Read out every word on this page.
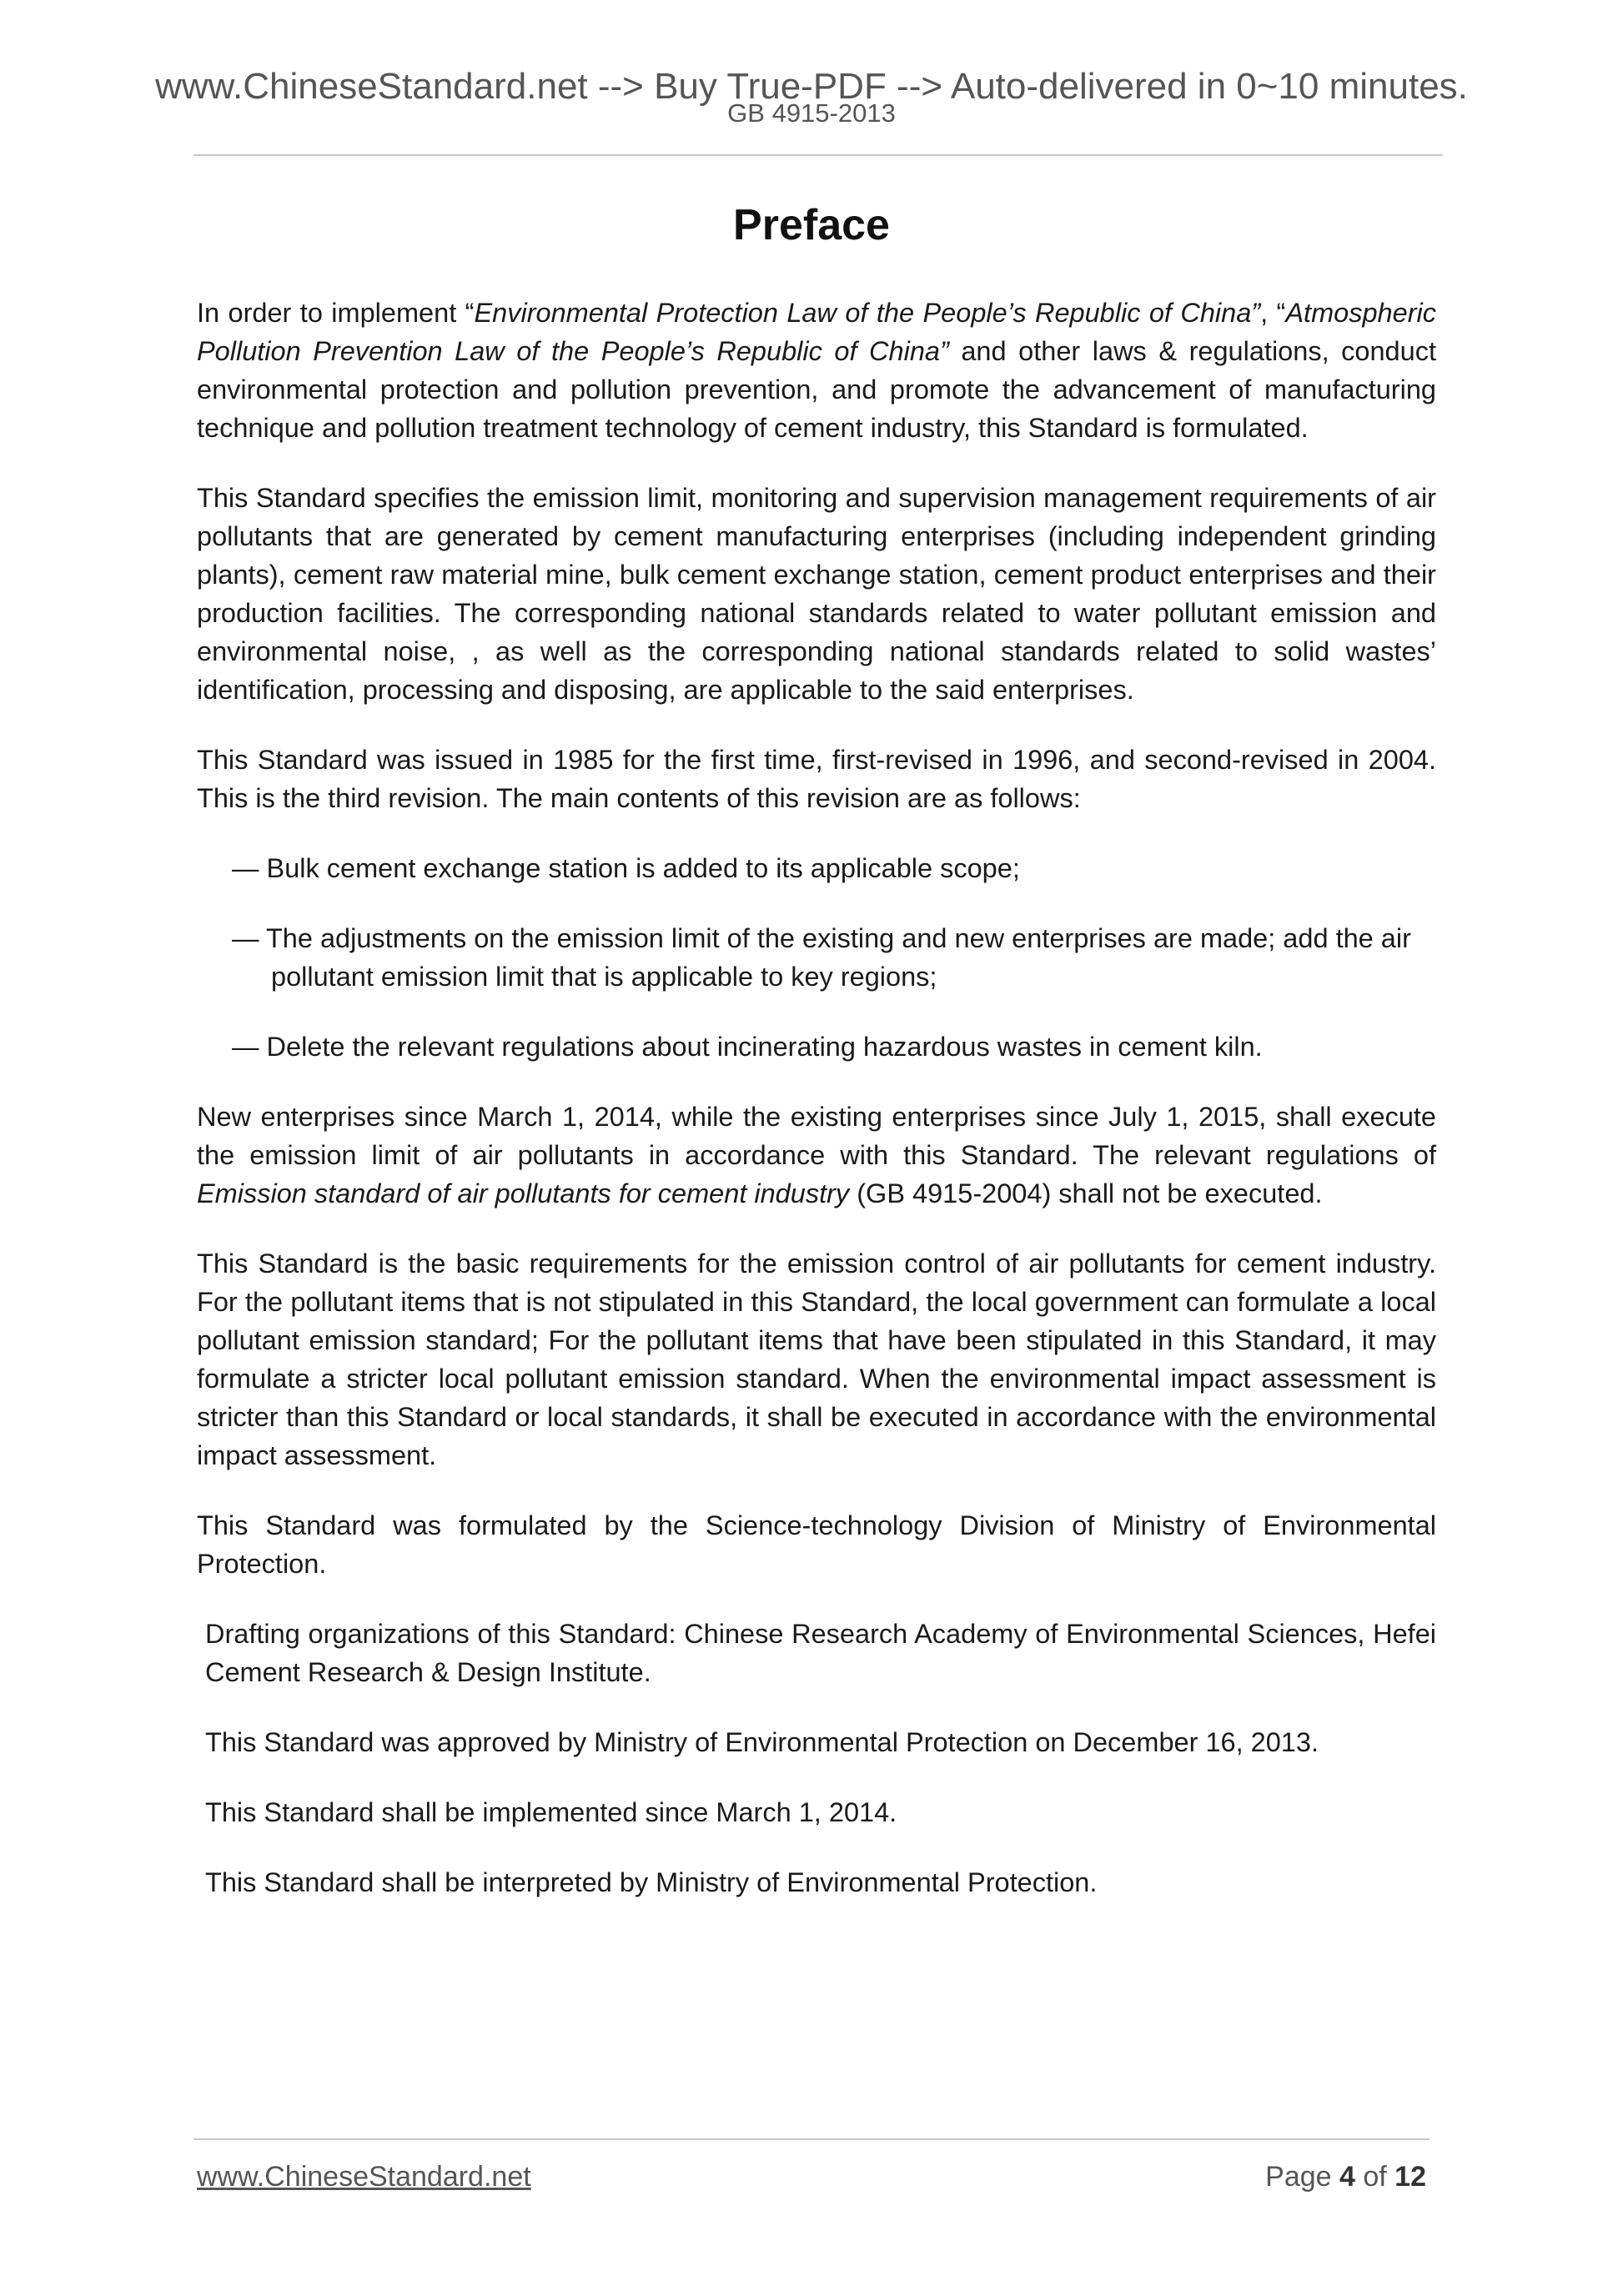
www.ChineseStandard.net --> Buy True-PDF --> Auto-delivered in 0~10 minutes.
GB 4915-2013
Preface

In order to implement “Environmental Protection Law of the People’s Republic of China”, “Atmospheric Pollution Prevention Law of the People’s Republic of China” and other laws & regulations, conduct environmental protection and pollution prevention, and promote the advancement of manufacturing technique and pollution treatment technology of cement industry, this Standard is formulated.

This Standard specifies the emission limit, monitoring and supervision management requirements of air pollutants that are generated by cement manufacturing enterprises (including independent grinding plants), cement raw material mine, bulk cement exchange station, cement product enterprises and their production facilities. The corresponding national standards related to water pollutant emission and environmental noise, , as well as the corresponding national standards related to solid wastes’ identification, processing and disposing, are applicable to the said enterprises.

This Standard was issued in 1985 for the first time, first-revised in 1996, and second-revised in 2004. This is the third revision. The main contents of this revision are as follows:

— Bulk cement exchange station is added to its applicable scope;
— The adjustments on the emission limit of the existing and new enterprises are made; add the air pollutant emission limit that is applicable to key regions;
— Delete the relevant regulations about incinerating hazardous wastes in cement kiln.

New enterprises since March 1, 2014, while the existing enterprises since July 1, 2015, shall execute the emission limit of air pollutants in accordance with this Standard. The relevant regulations of Emission standard of air pollutants for cement industry (GB 4915-2004) shall not be executed.

This Standard is the basic requirements for the emission control of air pollutants for cement industry. For the pollutant items that is not stipulated in this Standard, the local government can formulate a local pollutant emission standard; For the pollutant items that have been stipulated in this Standard, it may formulate a stricter local pollutant emission standard. When the environmental impact assessment is stricter than this Standard or local standards, it shall be executed in accordance with the environmental impact assessment.

This Standard was formulated by the Science-technology Division of Ministry of Environmental Protection.

Drafting organizations of this Standard: Chinese Research Academy of Environmental Sciences, Hefei Cement Research & Design Institute.

This Standard was approved by Ministry of Environmental Protection on December 16, 2013.

This Standard shall be implemented since March 1, 2014.

This Standard shall be interpreted by Ministry of Environmental Protection.

www.ChineseStandard.net	Page 4 of 12
